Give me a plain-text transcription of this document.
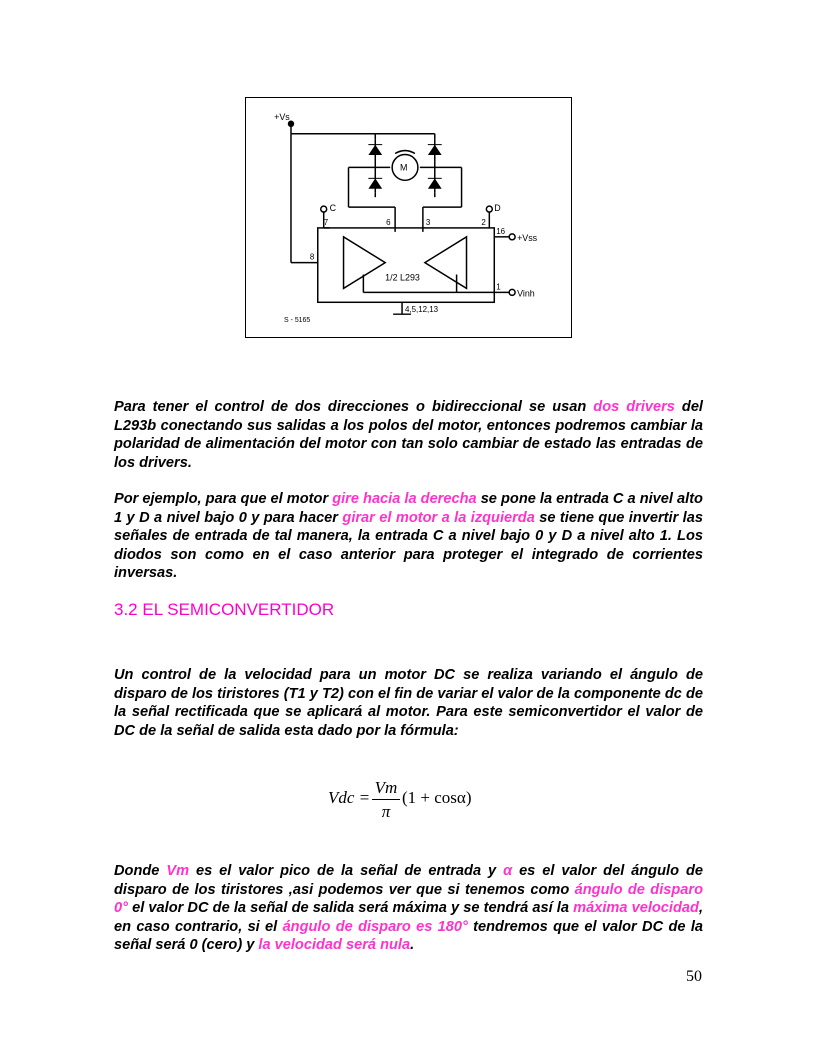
+Vs
M
C	D
7	6	3	2
16
8
1
+Vss
Vinh
1/2 L293
4,5,12,13
S - 5165

Para tener el control de dos direcciones o bidireccional se usan dos drivers del L293b conectando sus salidas a los polos del motor, entonces podremos cambiar la polaridad de alimentación del motor con tan solo cambiar de estado las entradas de los drivers.

Por ejemplo, para que el motor gire hacia la derecha se pone la entrada C a nivel alto 1 y D a nivel bajo 0 y para hacer girar el motor a la izquierda se tiene que invertir las señales de entrada de tal manera, la entrada C a nivel bajo 0 y D a nivel alto 1. Los diodos son como en el caso anterior para proteger el integrado de corrientes inversas.

3.2 EL SEMICONVERTIDOR

Un control de la velocidad para un motor DC se realiza variando el ángulo de disparo de los tiristores (T1 y T2) con el fin de variar el valor de la componente dc de la señal rectificada que se aplicará al motor. Para este semiconvertidor el valor de DC de la señal de salida esta dado por la fórmula:

Vdc =
Vm
π
(1 + cosα)

Donde Vm es el valor pico de la señal de entrada y α es el valor del ángulo de disparo de los tiristores ,asi podemos ver que si tenemos como ángulo de disparo 0° el valor DC de la señal de salida será máxima y se tendrá así la máxima velocidad, en caso contrario, si el ángulo de disparo es 180° tendremos que el valor DC de la señal será 0 (cero) y la velocidad será nula.

50
